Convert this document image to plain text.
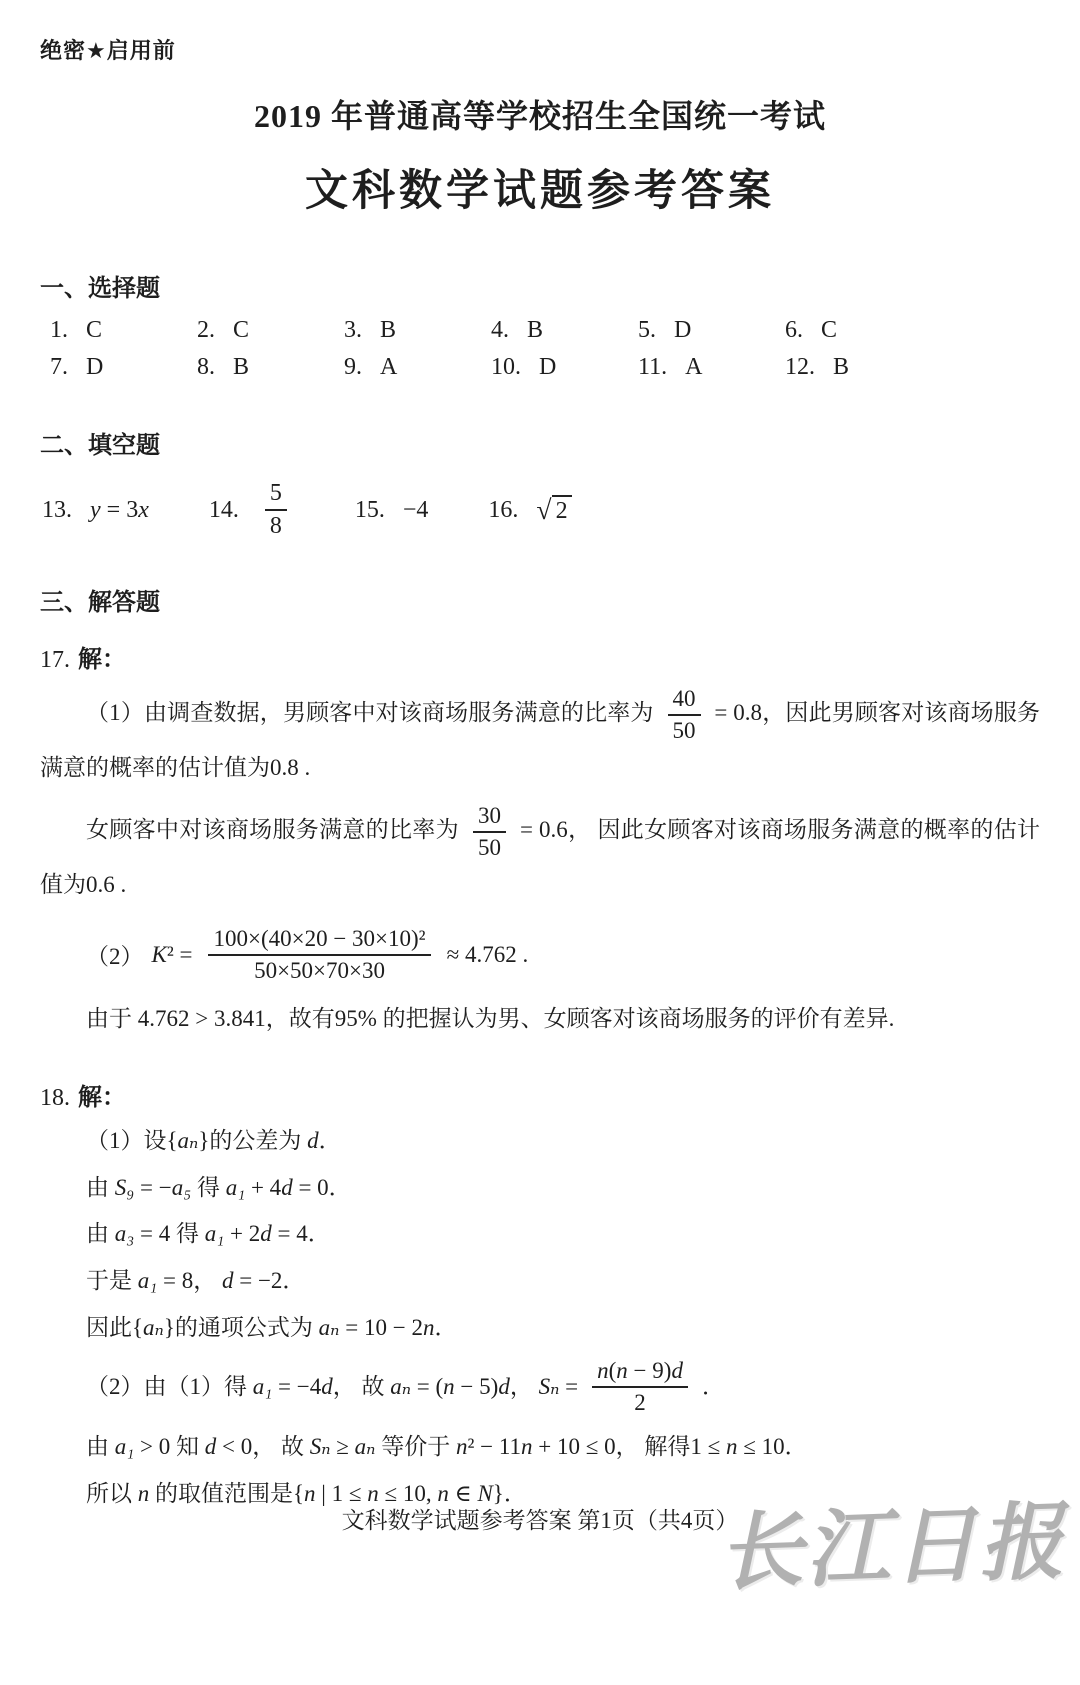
绝密★启用前
2019 年普通高等学校招生全国统一考试
文科数学试题参考答案
一、选择题
1. C	2. C	3. B	4. B	5. D	6. C
7. D	8. B	9. A	10. D	11. A	12. B
二、填空题
13. y = 3x	14. $\frac{5}{8}$	15. −4	16. √ 2
三、解答题
17. 解：

（1）由调查数据，男顾客中对该商场服务满意的比率为 $\frac{40}{50} = 0.8$，因此男顾客对该商场服务满意的概率的估计值为0.8 .

女顾客中对该商场服务满意的比率为 $\frac{30}{50} = 0.6$， 因此女顾客对该商场服务满意的概率的估计值为0.6 .

（2） $K^2 = \frac{\text{100×(40×20 − 30×10)²}}{50\times 50\times 70\times 30} \approx 4.762$ .
由于 4.762 > 3.841，故有95% 的把握认为男、女顾客对该商场服务的评价有差异.
18. 解：
（1）设{aₙ}的公差为 d．
由 S₉ = −a₅ 得 a₁ + 4d = 0．
由 a₃ = 4 得 a₁ + 2d = 4．
于是 a₁ = 8， d = −2．
因此{aₙ}的通项公式为 aₙ = 10 − 2n．
（2）由（1）得 a₁ = −4d， 故 aₙ = (n − 5)d， $S_n = \frac{n(n - 9)d}{2}$ ．
由 a₁ > 0 知 d < 0， 故 Sₙ ≥ aₙ 等价于 n² − 11n + 10 ≤ 0， 解得1 ≤ n ≤ 10．
所以 n 的取值范围是{n | 1 ≤ n ≤ 10, n ∈ N}．
文科数学试题参考答案 第1页（共4页）
长江日报
